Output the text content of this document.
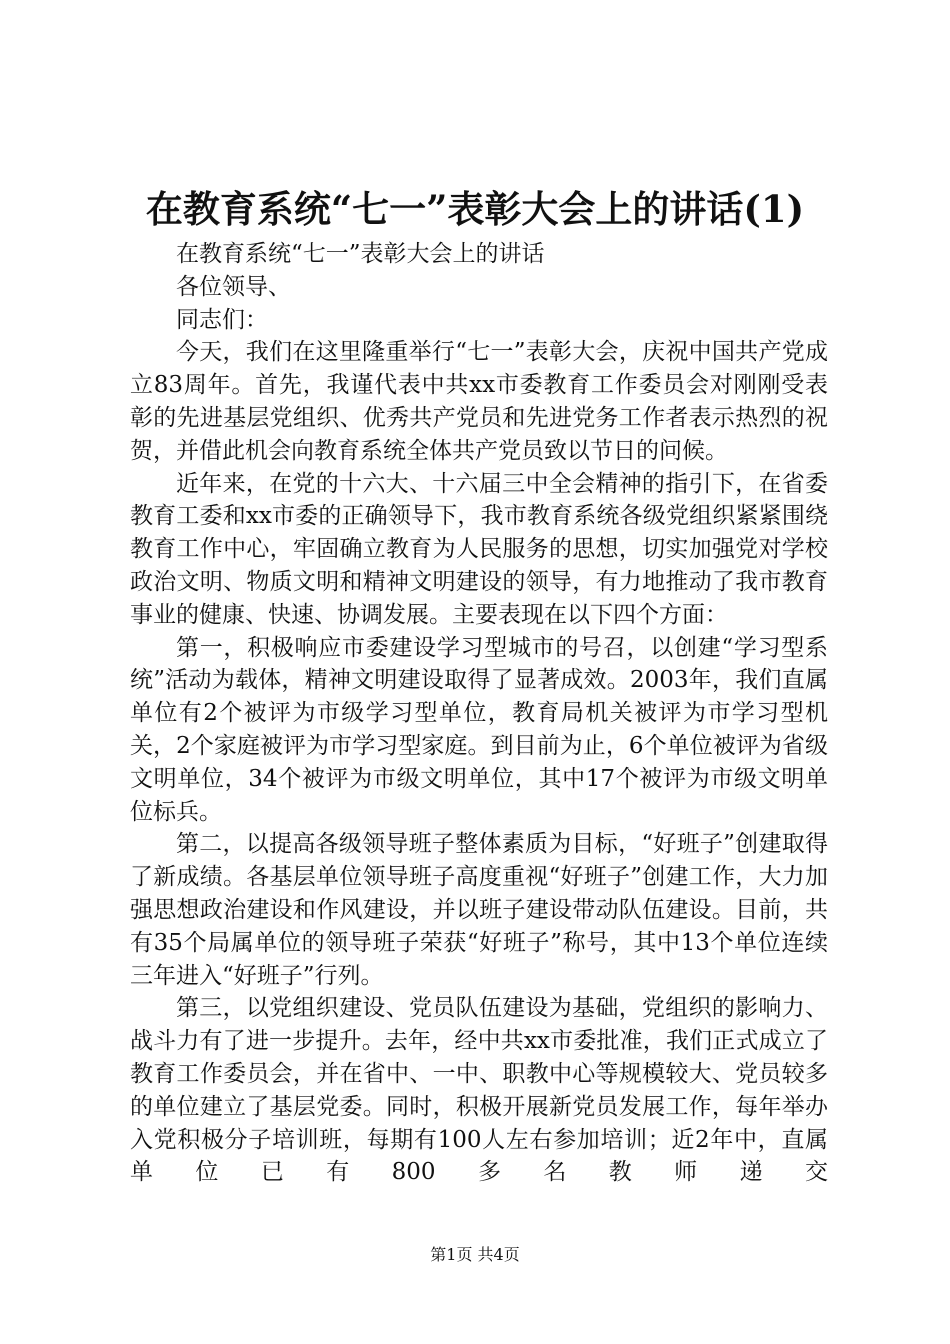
在教育系统“七一”表彰大会上的讲话(1)

在教育系统“七一”表彰大会上的讲话

各位领导、

同志们：

今天，我们在这里隆重举行“七一”表彰大会，庆祝中国共产党成立83周年。首先，我谨代表中共xx市委教育工作委员会对刚刚受表彰的先进基层党组织、优秀共产党员和先进党务工作者表示热烈的祝贺，并借此机会向教育系统全体共产党员致以节日的问候。

近年来，在党的十六大、十六届三中全会精神的指引下，在省委教育工委和xx市委的正确领导下，我市教育系统各级党组织紧紧围绕教育工作中心，牢固确立教育为人民服务的思想，切实加强党对学校政治文明、物质文明和精神文明建设的领导，有力地推动了我市教育事业的健康、快速、协调发展。主要表现在以下四个方面：

第一，积极响应市委建设学习型城市的号召，以创建“学习型系统”活动为载体，精神文明建设取得了显著成效。2003年，我们直属单位有2个被评为市级学习型单位，教育局机关被评为市学习型机关，2个家庭被评为市学习型家庭。到目前为止，6个单位被评为省级文明单位，34个被评为市级文明单位，其中17个被评为市级文明单位标兵。

第二，以提高各级领导班子整体素质为目标，“好班子”创建取得了新成绩。各基层单位领导班子高度重视“好班子”创建工作，大力加强思想政治建设和作风建设，并以班子建设带动队伍建设。目前，共有35个局属单位的领导班子荣获“好班子”称号，其中13个单位连续三年进入“好班子”行列。

第三，以党组织建设、党员队伍建设为基础，党组织的影响力、战斗力有了进一步提升。去年，经中共xx市委批准，我们正式成立了教育工作委员会，并在省中、一中、职教中心等规模较大、党员较多的单位建立了基层党委。同时，积极开展新党员发展工作，每年举办入党积极分子培训班，每期有100人左右参加培训；近2年中，直属单位已有800多名教师递交

第1页 共4页
